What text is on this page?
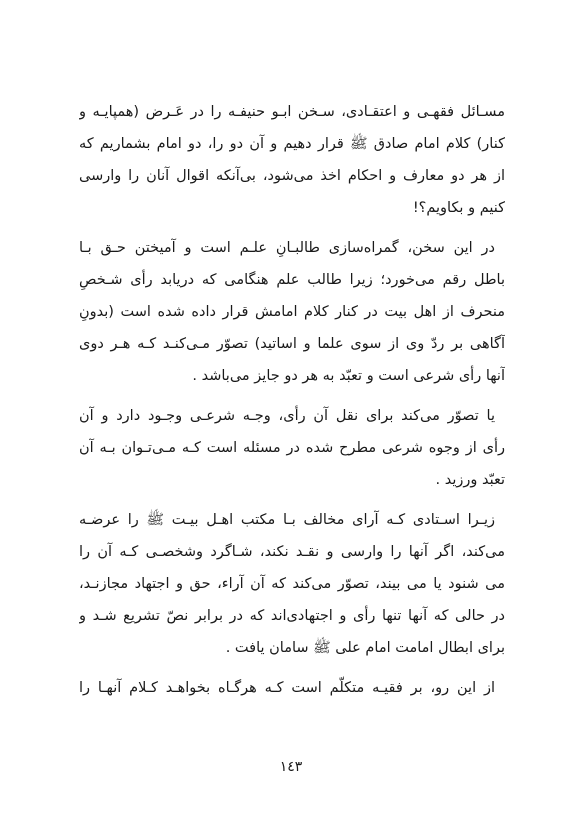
مسـائل فقهـی و اعتقـادی، سـخن ابـو حنیفـه را در عَـرض (همپایـه و
کنار) کلام امام صادق ﷺ قرار دهیم و آن دو را، دو امام بشماریم که
از هر دو معارف و احکام اخذ می‌شود، بی‌آنکه اقوال آنان را وارسی
کنیم و بکاویم؟!
در این سخن، گمراه‌سازی طالبـانِ علـم است و آمیختن حـق بـا
باطل رقم می‌خورد؛ زیرا طالب علم هنگامی که دریابد رأی شـخصِ
منحرف از اهل بیت در کنار کلام امامش قرار داده شده است (بدونِ
آگاهی بر ردّ وی از سوی علما و اساتید) تصوّر مـی‌کنـد کـه هـر دوی
آنها رأی شرعی است و تعبّد به هر دو جایز می‌باشد .
یا تصوّر می‌کند برای نقل آن رأی، وجـه شرعـی وجـود دارد و آن
رأی از وجوه شرعی مطرح شده در مسئله است کـه مـی‌تـوان بـه آن
تعبّد ورزید .
زیـرا اسـتادی کـه آرای مخالف بـا مکتب اهـل بیـت ﷺ را عرضـه
می‌کند، اگر آنها را وارسی و نقـد نکند، شـاگرد وشخصـی کـه آن را
می شنود یا می بیند، تصوّر می‌کند که آن آراء، حق و اجتهاد مجازنـد،
در حالی که آنها تنها رأی و اجتهادی‌اند که در برابر نصّ تشریع شـد و
برای ابطال امامت امام علی ﷺ سامان یافت .
از این رو، بر فقیـه متکلّم است کـه هرگـاه بخواهـد کـلام آنهـا را
١٤٣
